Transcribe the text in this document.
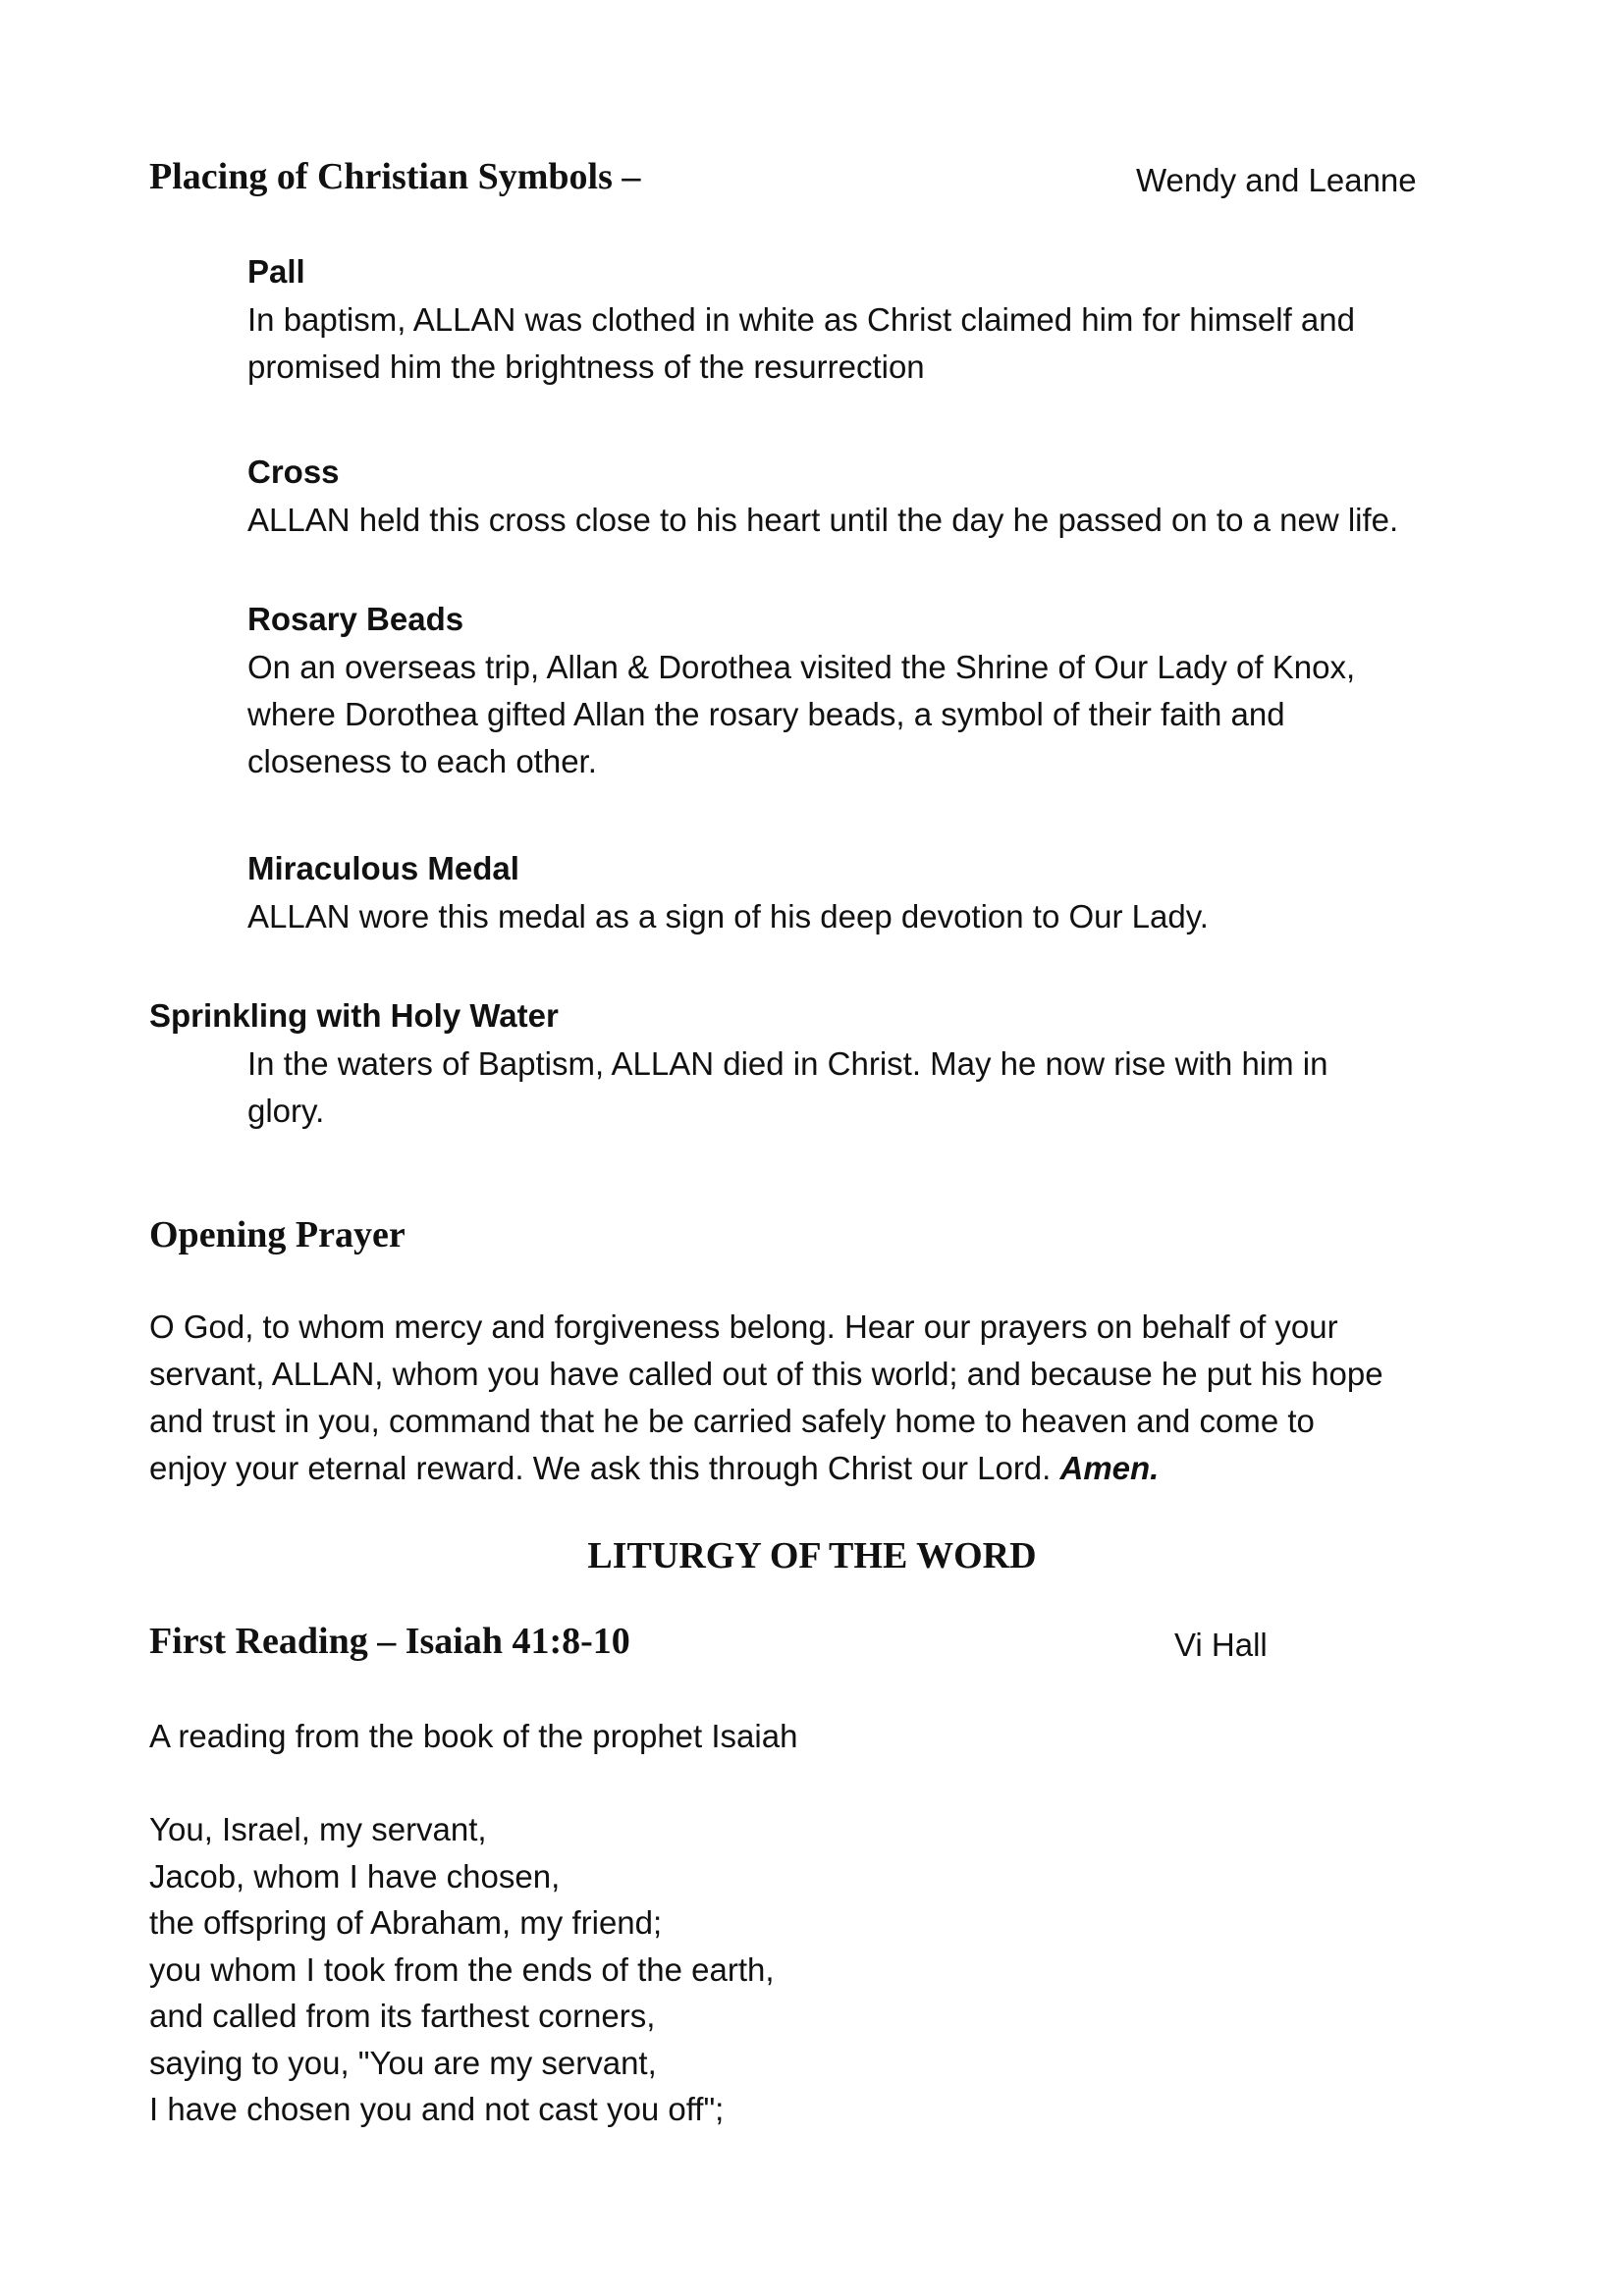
Placing of Christian Symbols –	Wendy and Leanne
Pall
In baptism, ALLAN was clothed in white as Christ claimed him for himself and
promised him the brightness of the resurrection
Cross
ALLAN held this cross close to his heart until the day he passed on to a new life.
Rosary Beads
On an overseas trip, Allan & Dorothea visited the Shrine of Our Lady of Knox,
where Dorothea gifted Allan the rosary beads, a symbol of their faith and
closeness to each other.
Miraculous Medal
ALLAN wore this medal as a sign of his deep devotion to Our Lady.
Sprinkling with Holy Water
In the waters of Baptism, ALLAN died in Christ. May he now rise with him in
glory.
Opening Prayer
O God, to whom mercy and forgiveness belong. Hear our prayers on behalf of your
servant, ALLAN, whom you have called out of this world; and because he put his hope
and trust in you, command that he be carried safely home to heaven and come to
enjoy your eternal reward. We ask this through Christ our Lord. Amen.
LITURGY OF THE WORD
First Reading – Isaiah 41:8-10	Vi Hall
A reading from the book of the prophet Isaiah
You, Israel, my servant,
Jacob, whom I have chosen,
the offspring of Abraham, my friend;
you whom I took from the ends of the earth,
and called from its farthest corners,
saying to you, "You are my servant,
I have chosen you and not cast you off";
